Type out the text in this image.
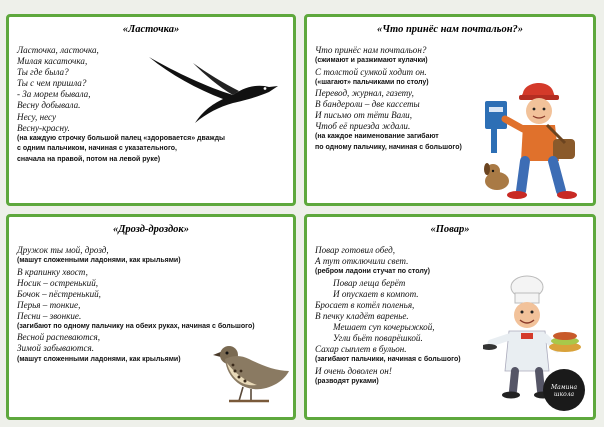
«Ласточка»
Ласточка, ласточка,
Милая касаточка,
Ты где была?
Ты с чем пришла?
- За морем бывала,
Весну добывала.
Несу, несу
Весну-красну.
(на каждую строчку большой палец «здоровается» дважды
с одним пальчиком, начиная с указательного,
сначала на правой, потом на левой руке)
«Что принёс нам почтальон?»
Что принёс нам почтальон?
(сжимают и разжимают кулачки)
С толстой сумкой ходит он.
(«шагают» пальчиками по столу)
Перевод, журнал, газету,
В бандероли – две кассеты
И письмо от тёти Вали,
Чтоб её приезда ждали.
(на каждое наименование загибают
по одному пальчику, начиная с большого)
«Дрозд-дроздок»
Дружок ты мой, дрозд,
(машут сложенными ладонями, как крыльями)
В крапинку хвост,
Носик – остренький,
Бочок – пёстренький,
Перья – тонкие,
Песни – звонкие.
(загибают по одному пальчику на обеих руках, начиная с большого)
Весной распеваются,
Зимой забываются.
(машут сложенными ладонями, как крыльями)
«Повар»
Повар готовил обед,
А тут отключили свет.
(ребром ладони стучат по столу)
Повар леща берёт
И опускает в компот.
Бросает в котёл поленья,
В печку кладёт варенье.
Мешает суп кочерыжкой,
Угли бьёт поварёшкой.
Сахар сыплет в бульон.
(загибают пальчики, начиная с большого)
И очень доволен он!
(разводят руками)
Мамина школа
